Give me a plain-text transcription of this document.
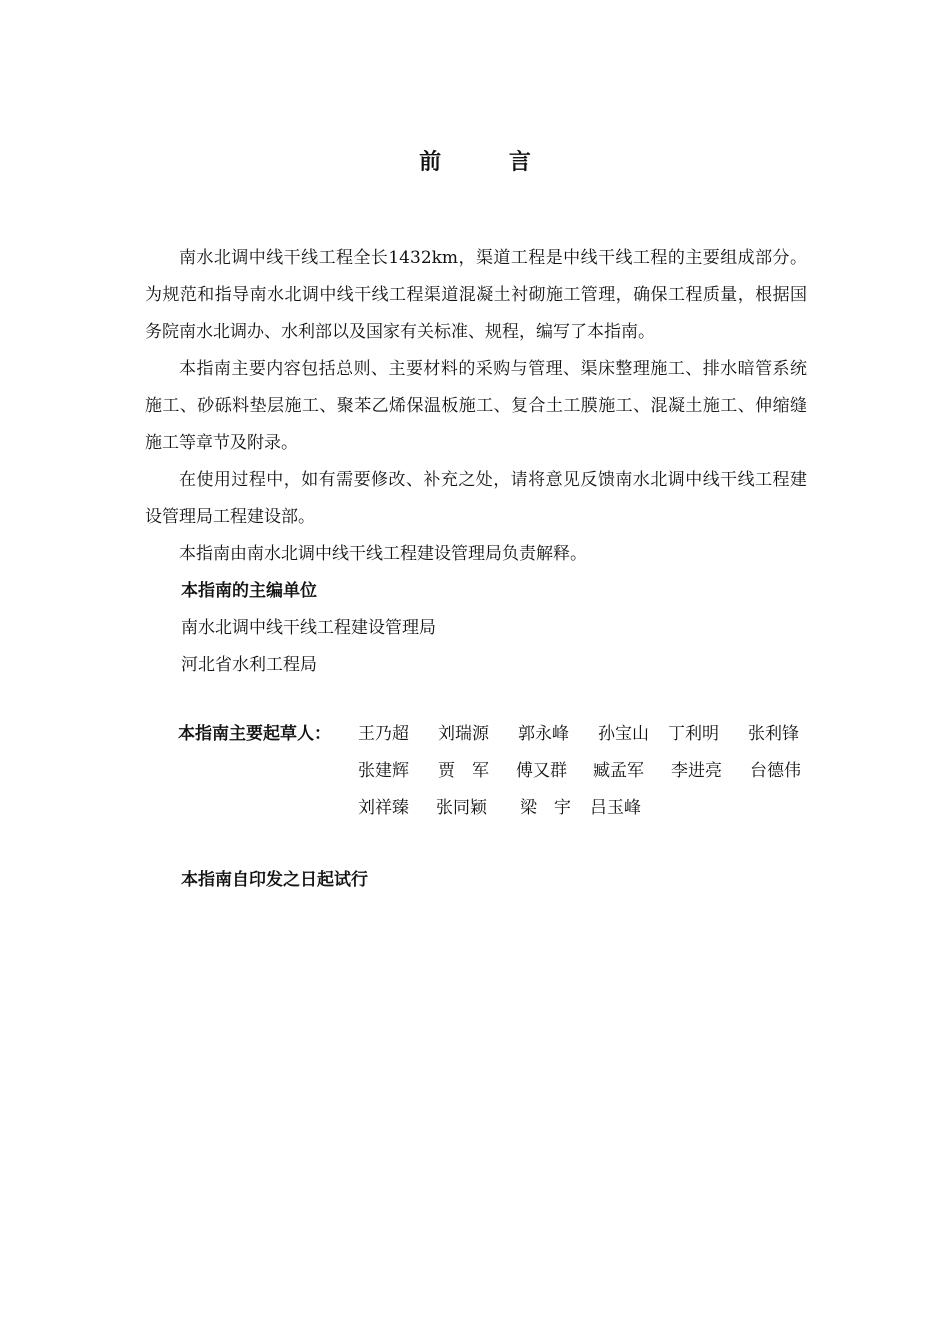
前 言

南水北调中线干线工程全长1432km，渠道工程是中线干线工程的主要组成部分。为规范和指导南水北调中线干线工程渠道混凝土衬砌施工管理，确保工程质量，根据国务院南水北调办、水利部以及国家有关标准、规程，编写了本指南。

本指南主要内容包括总则、主要材料的采购与管理、渠床整理施工、排水暗管系统施工、砂砾料垫层施工、聚苯乙烯保温板施工、复合土工膜施工、混凝土施工、伸缩缝施工等章节及附录。

在使用过程中，如有需要修改、补充之处，请将意见反馈南水北调中线干线工程建设管理局工程建设部。

本指南由南水北调中线干线工程建设管理局负责解释。

本指南的主编单位

南水北调中线干线工程建设管理局

河北省水利工程局

本指南主要起草人： 王乃超 刘瑞源 郭永峰 孙宝山 丁利明 张利锋
张建辉 贾　军 傅又群 臧孟军 李进亮 台德伟
刘祥臻 张同颖 梁　宇 吕玉峰
本指南自印发之日起试行
